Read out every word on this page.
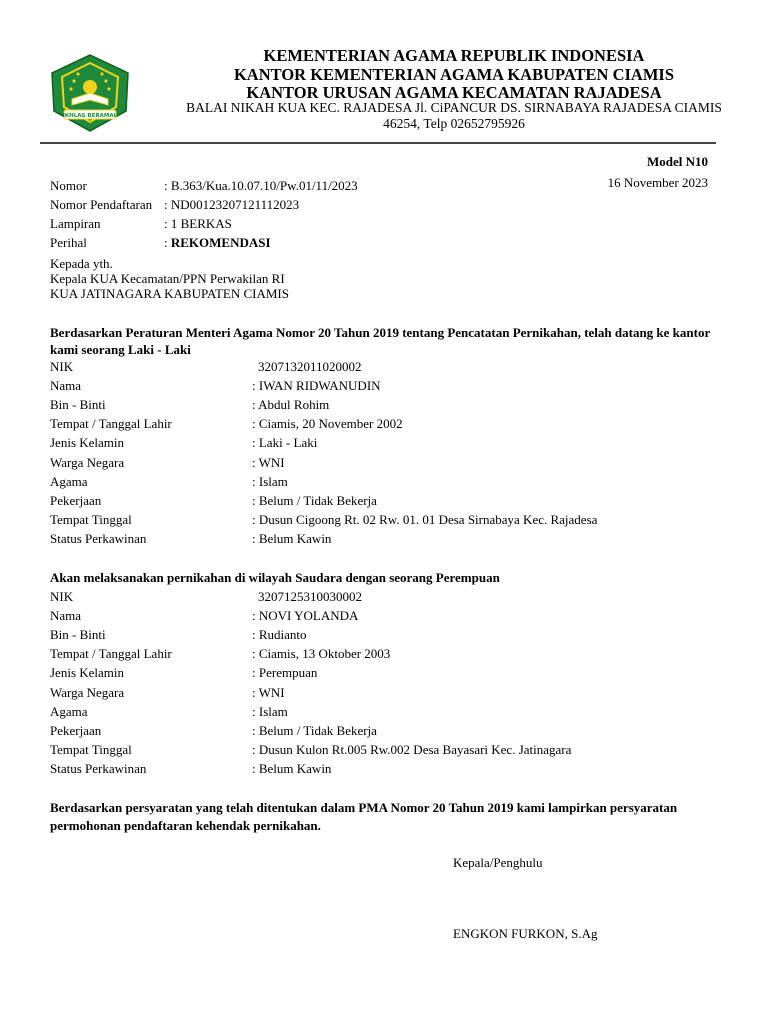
IKHLAS BERAMAL
KEMENTERIAN AGAMA REPUBLIK INDONESIA
KANTOR KEMENTERIAN AGAMA KABUPATEN CIAMIS
KANTOR URUSAN AGAMA KECAMATAN RAJADESA
BALAI NIKAH KUA KEC. RAJADESA Jl. CiPANCUR DS. SIRNABAYA RAJADESA CIAMIS
46254, Telp 02652795926
Model N10
16 November 2023
Nomor	: B.363/Kua.10.07.10/Pw.01/11/2023
Nomor Pendaftaran : ND00123207121112023
Lampiran	: 1 BERKAS
Perihal	: REKOMENDASI
Kepada yth.
Kepala KUA Kecamatan/PPN Perwakilan RI
KUA JATINAGARA KABUPATEN CIAMIS
Berdasarkan Peraturan Menteri Agama Nomor 20 Tahun 2019 tentang Pencatatan Pernikahan, telah datang ke kantor kami seorang Laki - Laki
NIK	3207132011020002
Nama	: IWAN RIDWANUDIN
Bin - Binti	: Abdul Rohim
Tempat / Tanggal Lahir	: Ciamis, 20 November 2002
Jenis Kelamin	: Laki - Laki
Warga Negara	: WNI
Agama	: Islam
Pekerjaan	: Belum / Tidak Bekerja
Tempat Tinggal	: Dusun Cigoong Rt. 02 Rw. 01. 01 Desa Sirnabaya Kec. Rajadesa
Status Perkawinan	: Belum Kawin
Akan melaksanakan pernikahan di wilayah Saudara dengan seorang Perempuan
NIK	3207125310030002
Nama	: NOVI YOLANDA
Bin - Binti	: Rudianto
Tempat / Tanggal Lahir	: Ciamis, 13 Oktober 2003
Jenis Kelamin	: Perempuan
Warga Negara	: WNI
Agama	: Islam
Pekerjaan	: Belum / Tidak Bekerja
Tempat Tinggal	: Dusun Kulon Rt.005 Rw.002 Desa Bayasari Kec. Jatinagara
Status Perkawinan	: Belum Kawin
Berdasarkan persyaratan yang telah ditentukan dalam PMA Nomor 20 Tahun 2019 kami lampirkan persyaratan permohonan pendaftaran kehendak pernikahan.
Kepala/Penghulu
ENGKON FURKON, S.Ag
